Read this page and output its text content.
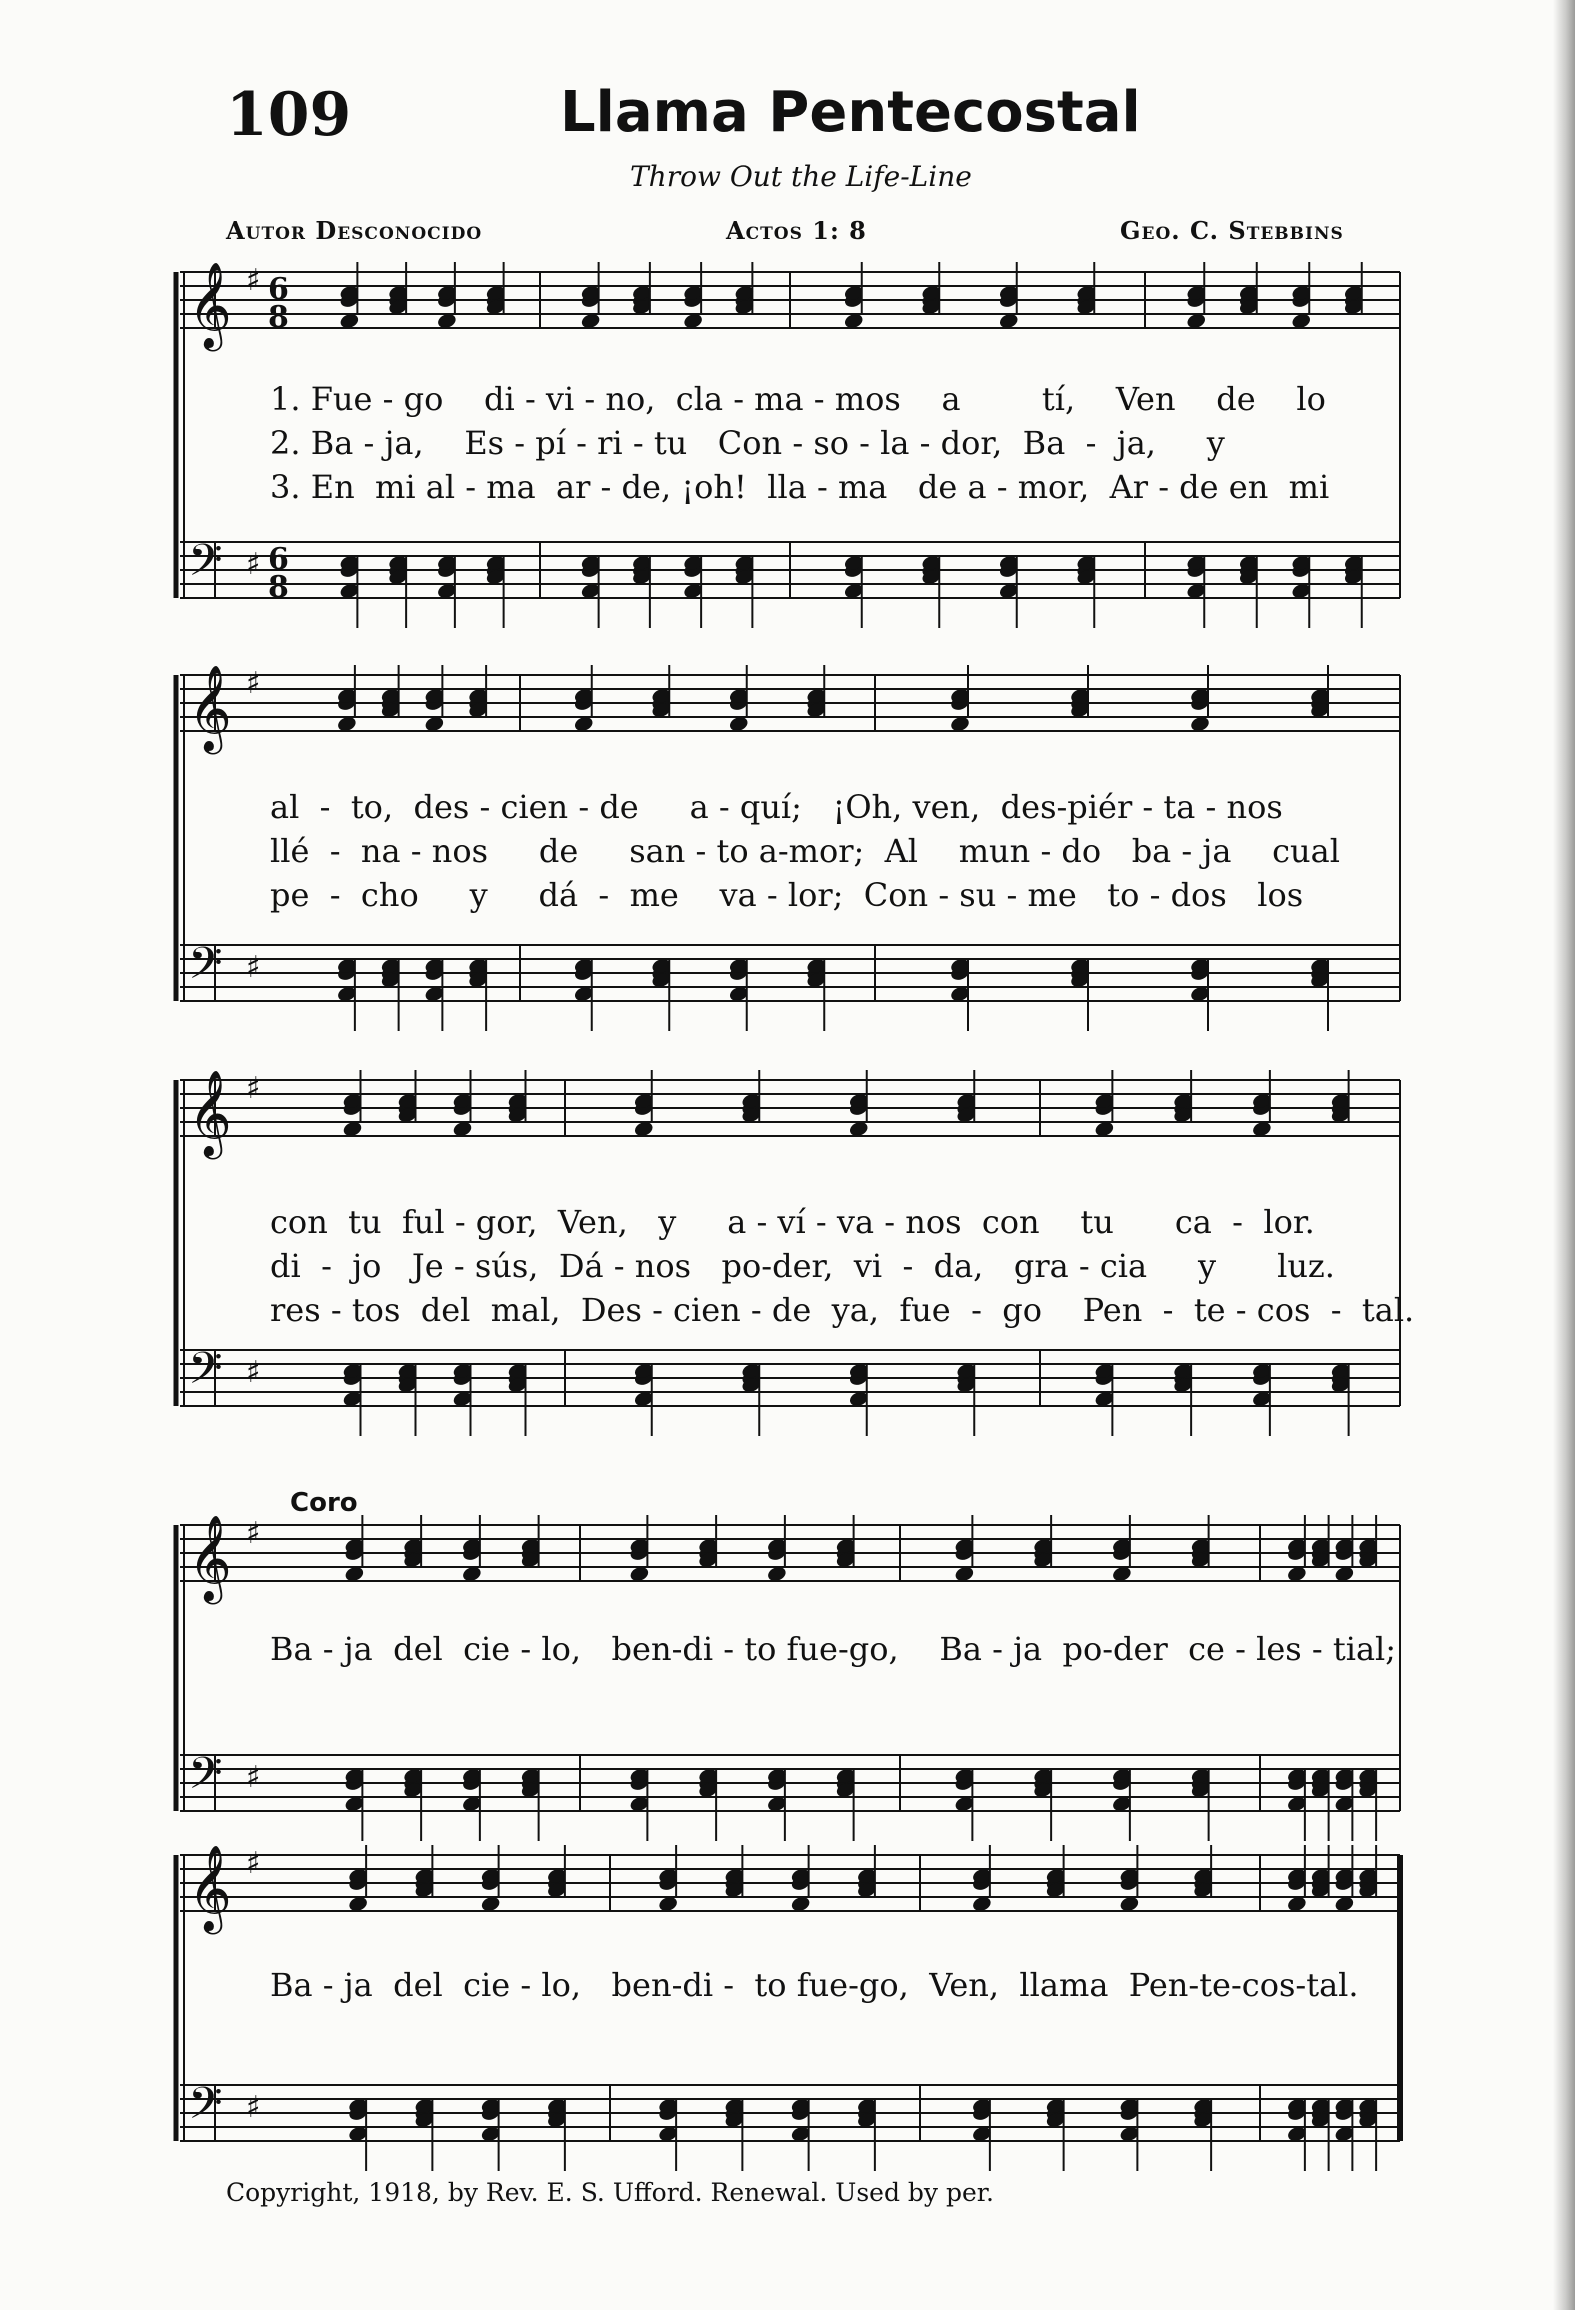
109	Llama Pentecostal
Throw Out the Life-Line
Autor Desconocido	Actos 1: 8	Geo. C. Stebbins
𝄞 ♯
𝄢 ♯
6
8
6
8
1. Fue - go    di - vi - no,  cla - ma - mos    a        tí,    Ven    de    lo
2. Ba - ja,    Es - pí - ri - tu   Con - so - la - dor,  Ba  -  ja,     y
3. En  mi al - ma  ar - de, ¡oh!  lla - ma   de a - mor,  Ar - de en  mi
𝄞 ♯
𝄢 ♯
al  -  to,  des - cien - de     a - quí;   ¡Oh, ven,  des-piér - ta - nos
llé  -  na - nos     de     san - to a-mor;  Al    mun - do   ba - ja    cual
pe  -  cho     y     dá  -  me    va - lor;  Con - su - me   to - dos   los
𝄞 ♯
𝄢 ♯
con  tu  ful - gor,  Ven,   y     a - ví - va - nos  con    tu      ca  -  lor.
di  -  jo   Je - sús,  Dá - nos   po-der,  vi  -  da,   gra - cia     y      luz.
res - tos  del  mal,  Des - cien - de  ya,  fue  -  go    Pen  -  te - cos  -  tal.
Coro
𝄞 ♯
𝄢 ♯
Ba - ja  del  cie - lo,   ben-di - to fue-go,    Ba - ja  po-der  ce - les - tial;
𝄞 ♯
𝄢 ♯
Ba - ja  del  cie - lo,   ben-di -  to fue-go,  Ven,  llama  Pen-te-cos-tal.
Copyright, 1918, by Rev. E. S. Ufford. Renewal. Used by per.
